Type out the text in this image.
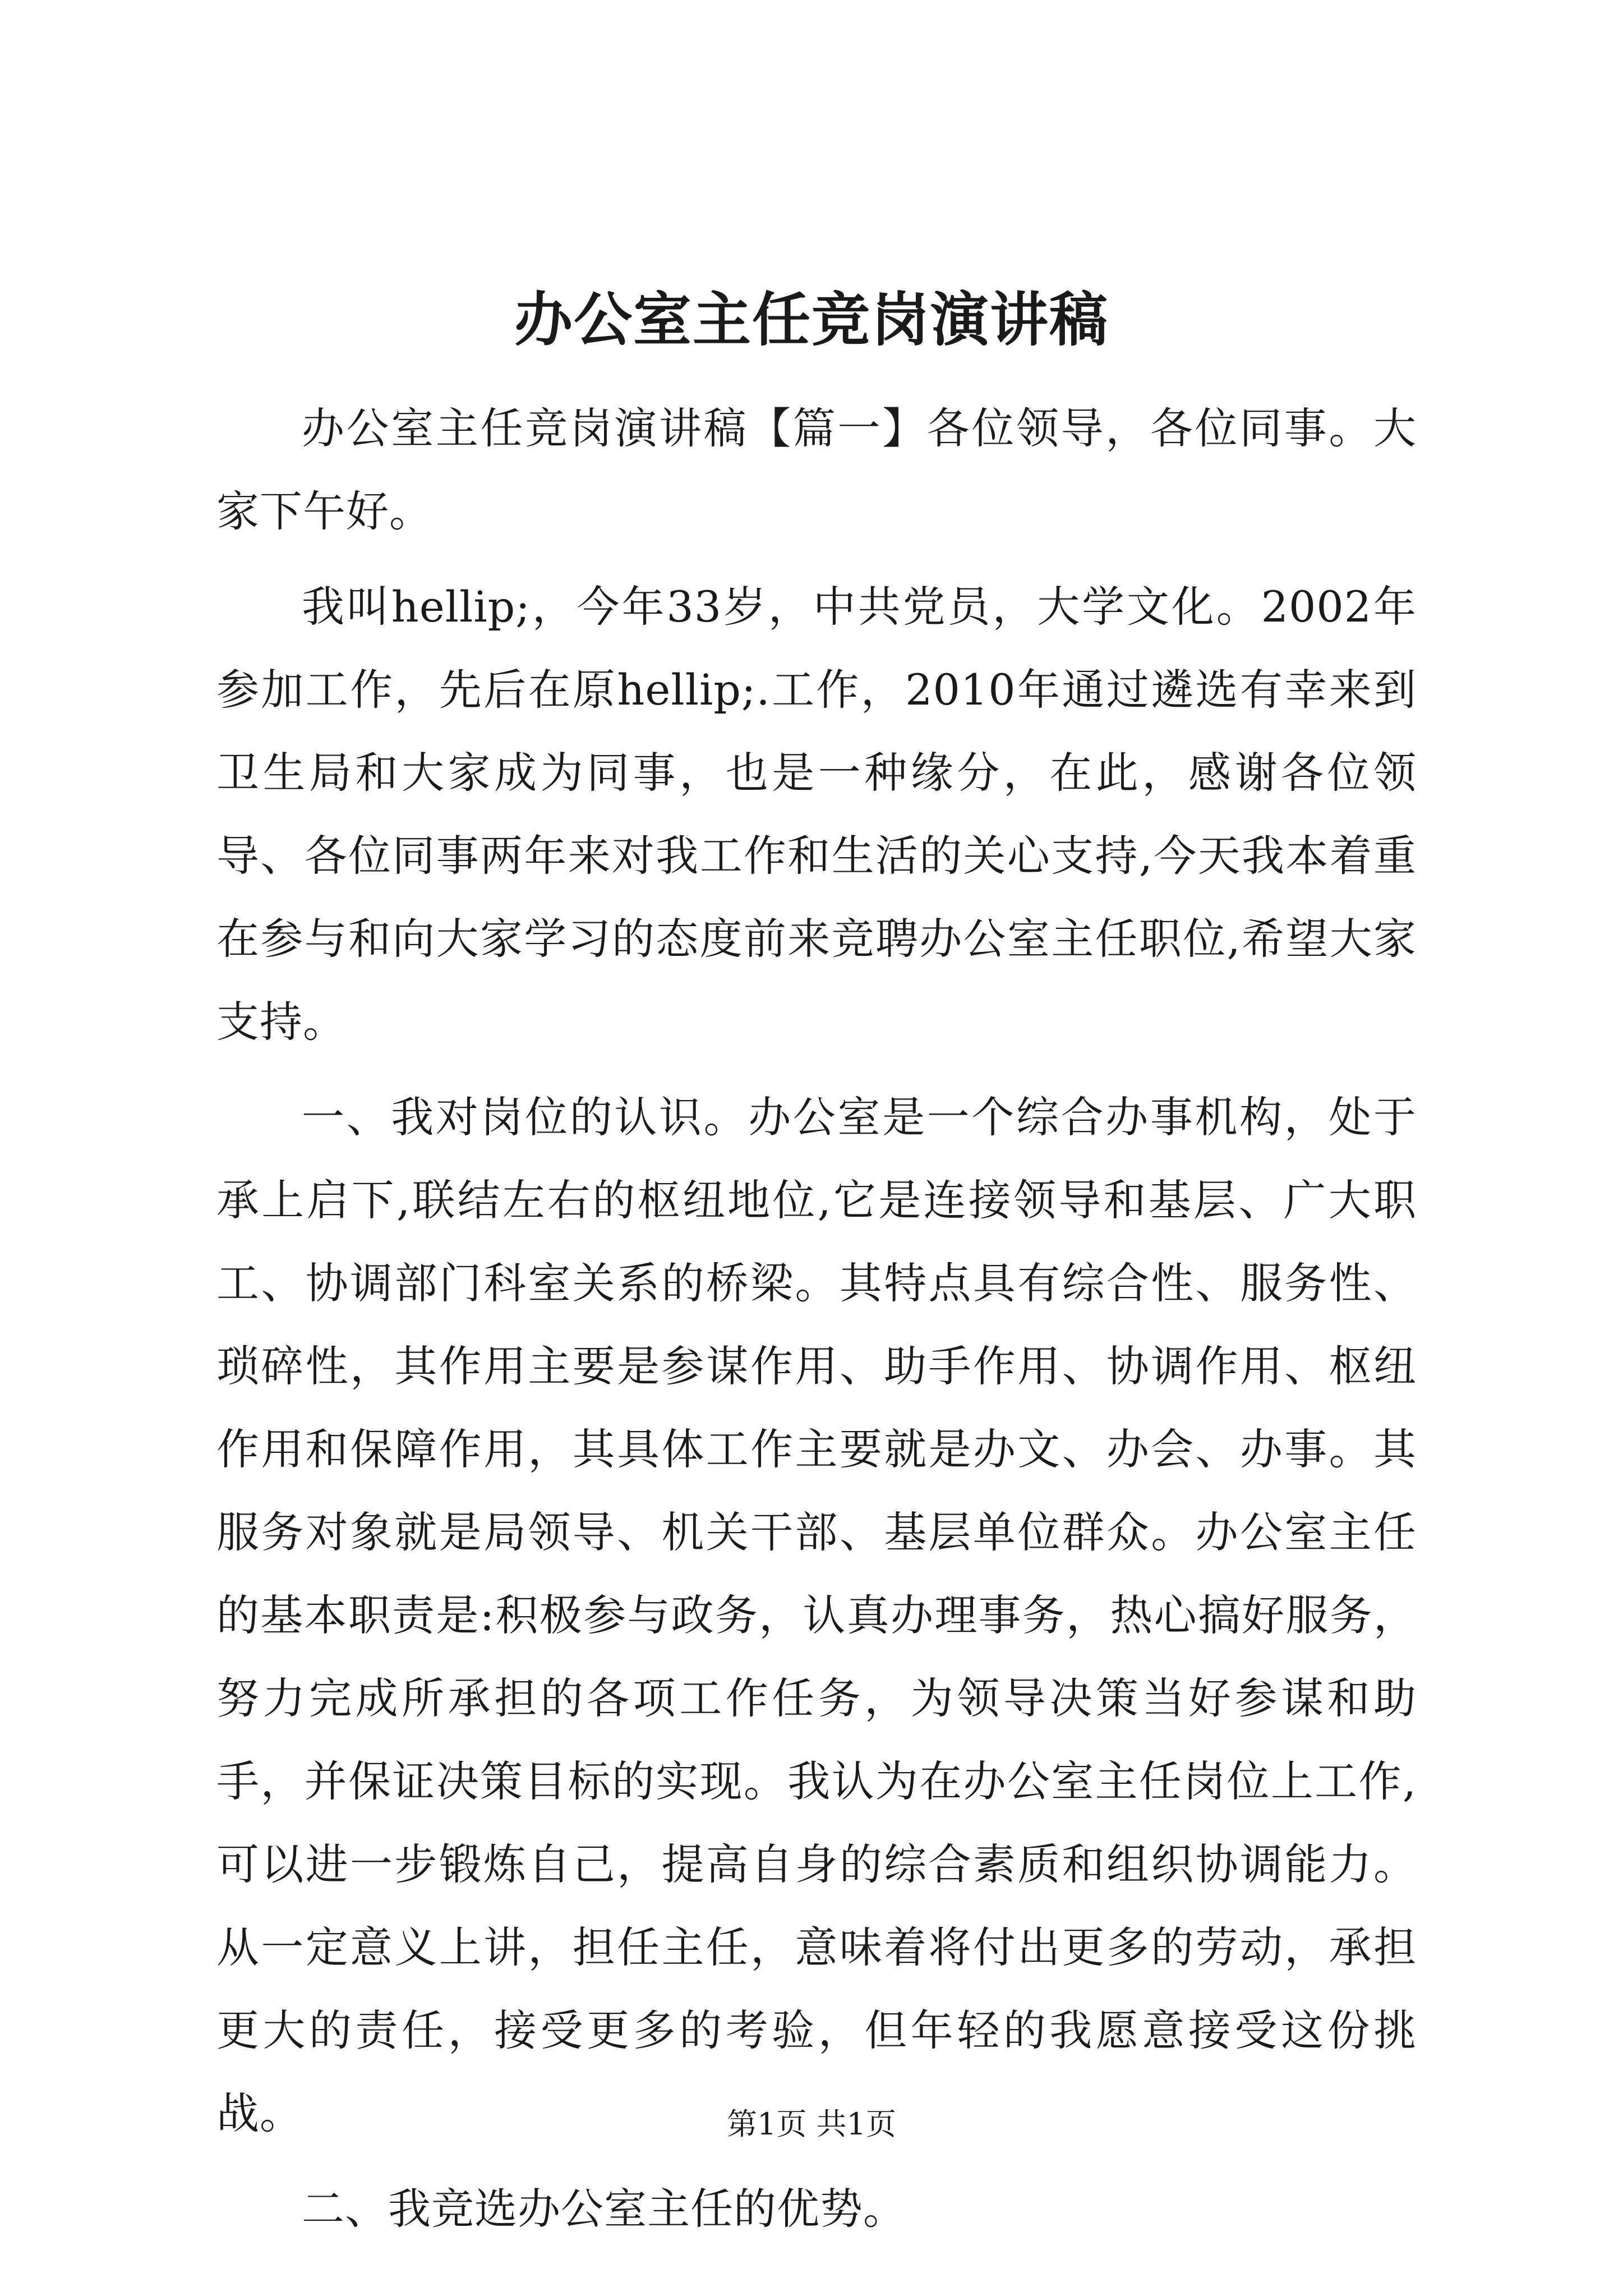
办公室主任竞岗演讲稿

办公室主任竞岗演讲稿【篇一】各位领导，各位同事。大家下午好。

我叫hellip;，今年33岁，中共党员，大学文化。2002年参加工作，先后在原hellip;.工作，2010年通过遴选有幸来到卫生局和大家成为同事，也是一种缘分，在此，感谢各位领导、各位同事两年来对我工作和生活的关心支持,今天我本着重在参与和向大家学习的态度前来竞聘办公室主任职位,希望大家支持。

一、我对岗位的认识。办公室是一个综合办事机构，处于承上启下,联结左右的枢纽地位,它是连接领导和基层、广大职工、协调部门科室关系的桥梁。其特点具有综合性、服务性、琐碎性，其作用主要是参谋作用、助手作用、协调作用、枢纽作用和保障作用，其具体工作主要就是办文、办会、办事。其服务对象就是局领导、机关干部、基层单位群众。办公室主任的基本职责是:积极参与政务，认真办理事务，热心搞好服务，努力完成所承担的各项工作任务，为领导决策当好参谋和助手，并保证决策目标的实现。我认为在办公室主任岗位上工作,可以进一步锻炼自己，提高自身的综合素质和组织协调能力。从一定意义上讲，担任主任，意味着将付出更多的劳动，承担更大的责任，接受更多的考验，但年轻的我愿意接受这份挑战。

二、我竞选办公室主任的优势。

第1页 共1页
